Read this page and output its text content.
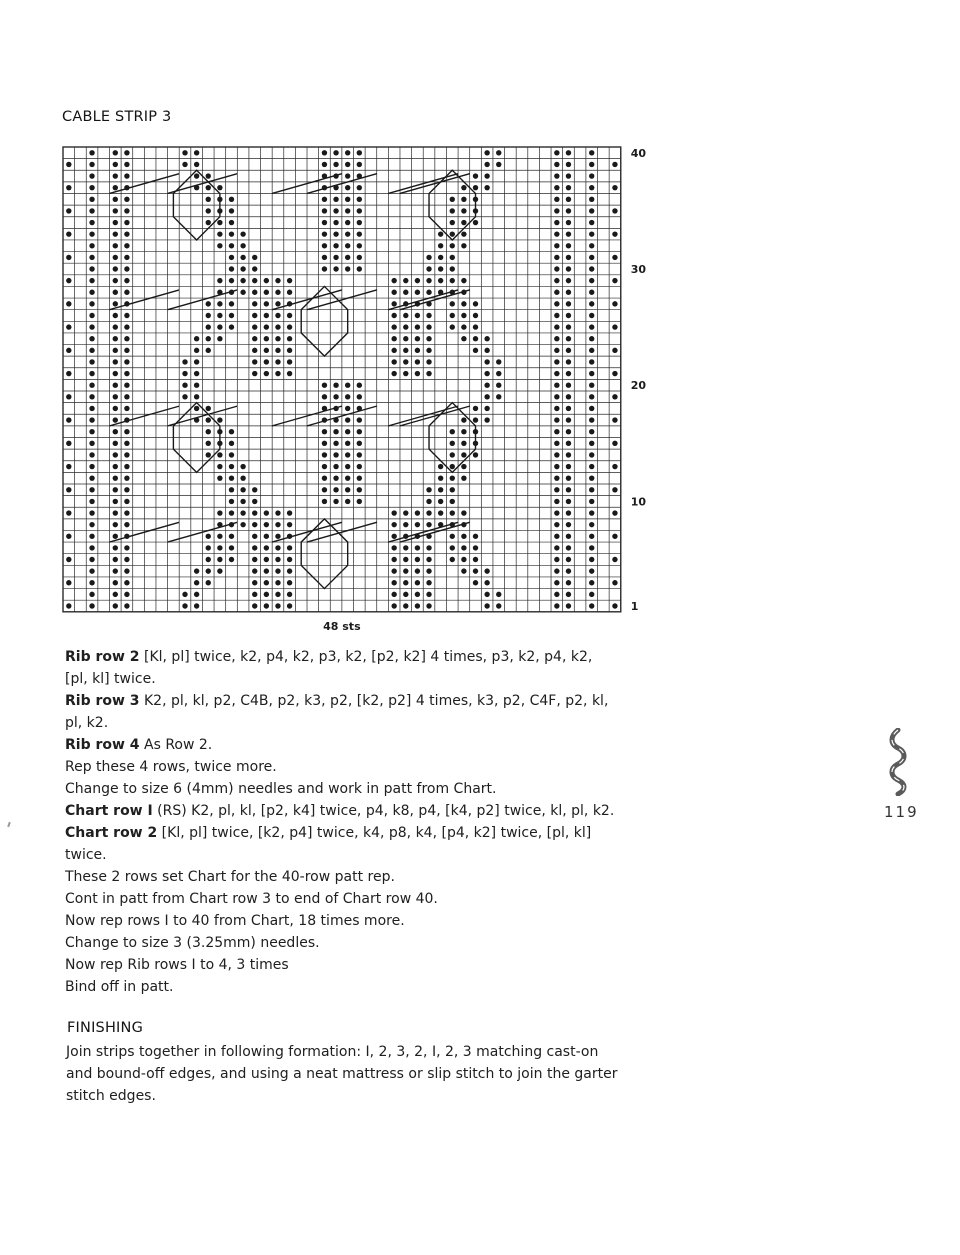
CABLE STRIP 3
40
30
20
10
1
48 sts

Rib row 2 [Kl, pl] twice, k2, p4, k2, p3, k2, [p2, k2] 4 times, p3, k2, p4, k2,

[pl, kl] twice.

Rib row 3 K2, pl, kl, p2, C4B, p2, k3, p2, [k2, p2] 4 times, k3, p2, C4F, p2, kl,

pl, k2.

Rib row 4 As Row 2.

Rep these 4 rows, twice more.

Change to size 6 (4mm) needles and work in patt from Chart.

Chart row I (RS) K2, pl, kl, [p2, k4] twice, p4, k8, p4, [k4, p2] twice, kl, pl, k2.

Chart row 2 [Kl, pl] twice, [k2, p4] twice, k4, p8, k4, [p4, k2] twice, [pl, kl]

twice.

These 2 rows set Chart for the 40-row patt rep.

Cont in patt from Chart row 3 to end of Chart row 40.

Now rep rows I to 40 from Chart, 18 times more.

Change to size 3 (3.25mm) needles.

Now rep Rib rows I to 4, 3 times

Bind off in patt.

FINISHING
Join strips together in following formation: I, 2, 3, 2, I, 2, 3 matching cast-on
and bound-off edges, and using a neat mattress or slip stitch to join the garter
stitch edges.
119
